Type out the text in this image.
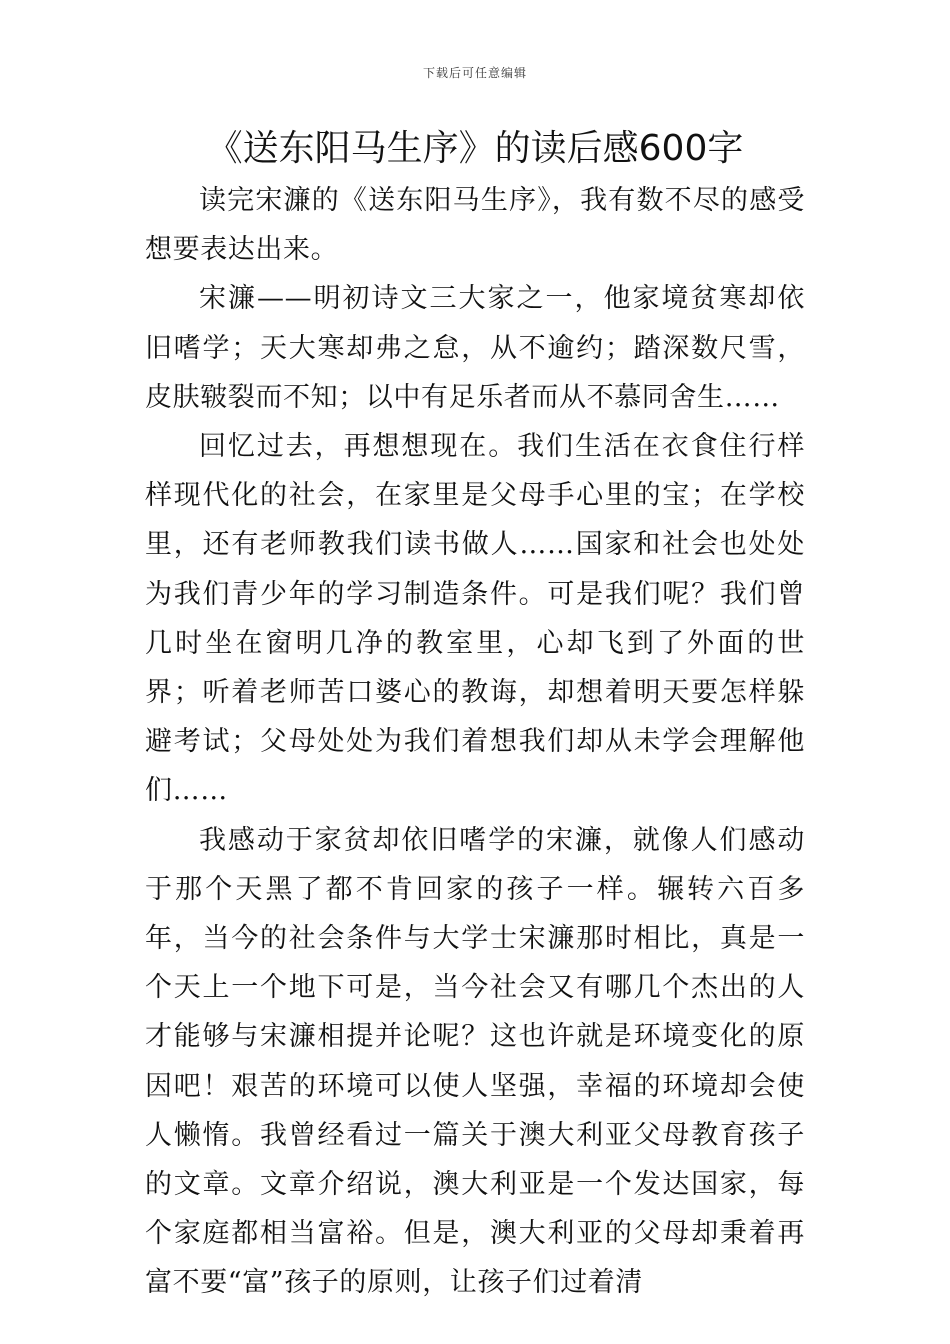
下载后可任意编辑
《送东阳马生序》的读后感600字

读完宋濂的《送东阳马生序》，我有数不尽的感受想要表达出来。

宋濂——明初诗文三大家之一，他家境贫寒却依旧嗜学；天大寒却弗之怠，从不逾约；踏深数尺雪，皮肤皲裂而不知；以中有足乐者而从不慕同舍生……

回忆过去，再想想现在。我们生活在衣食住行样样现代化的社会，在家里是父母手心里的宝；在学校里，还有老师教我们读书做人……国家和社会也处处为我们青少年的学习制造条件。可是我们呢？我们曾几时坐在窗明几净的教室里，心却飞到了外面的世界；听着老师苦口婆心的教诲，却想着明天要怎样躲避考试；父母处处为我们着想我们却从未学会理解他们……

我感动于家贫却依旧嗜学的宋濂，就像人们感动于那个天黑了都不肯回家的孩子一样。辗转六百多年，当今的社会条件与大学士宋濂那时相比，真是一个天上一个地下可是，当今社会又有哪几个杰出的人才能够与宋濂相提并论呢？这也许就是环境变化的原因吧！艰苦的环境可以使人坚强，幸福的环境却会使人懒惰。我曾经看过一篇关于澳大利亚父母教育孩子的文章。文章介绍说，澳大利亚是一个发达国家，每个家庭都相当富裕。但是，澳大利亚的父母却秉着再富不要“富”孩子的原则，让孩子们过着清
